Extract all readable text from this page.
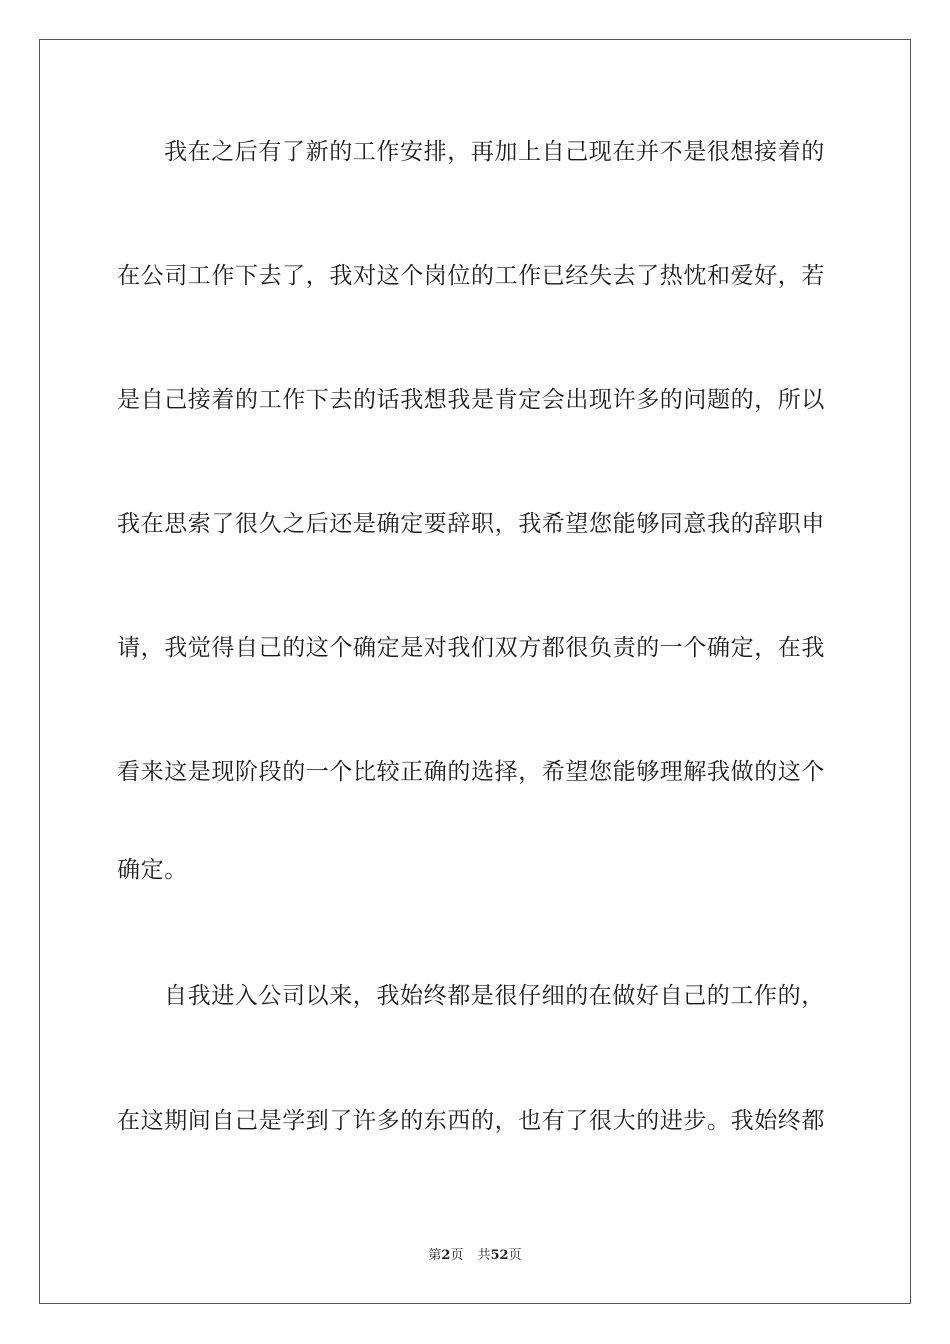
我在之后有了新的工作安排，再加上自己现在并不是很想接着的
在公司工作下去了，我对这个岗位的工作已经失去了热忱和爱好，若
是自己接着的工作下去的话我想我是肯定会出现许多的问题的，所以
我在思索了很久之后还是确定要辞职，我希望您能够同意我的辞职申
请，我觉得自己的这个确定是对我们双方都很负责的一个确定，在我
看来这是现阶段的一个比较正确的选择，希望您能够理解我做的这个
确定。
自我进入公司以来，我始终都是很仔细的在做好自己的工作的，
在这期间自己是学到了许多的东西的，也有了很大的进步。我始终都
第2页 共52页
